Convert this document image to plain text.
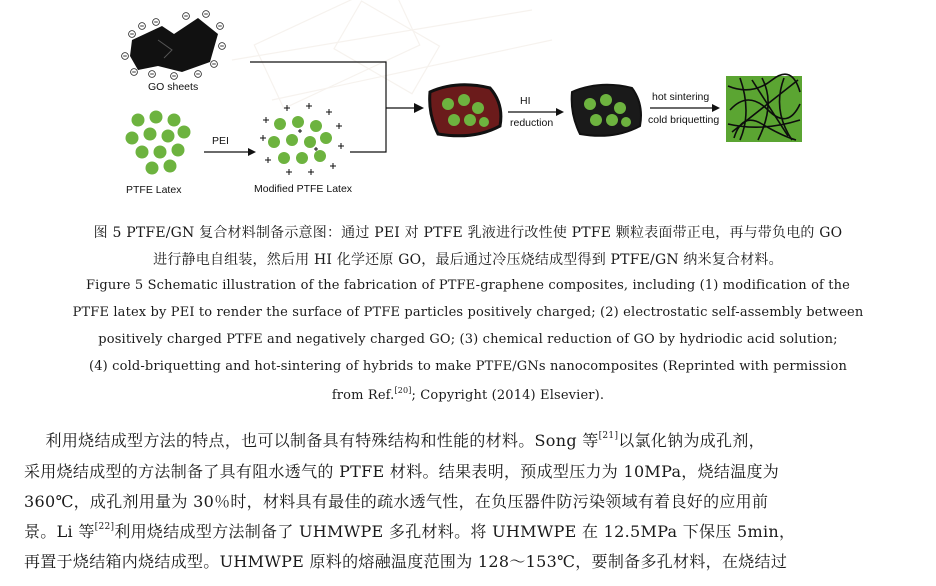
GO sheets
PTFE Latex
PEI
Modified PTFE Latex
HI
reduction
hot sintering
cold briquetting
图 5 PTFE/GN 复合材料制备示意图：通过 PEI 对 PTFE 乳液进行改性使 PTFE 颗粒表面带正电，再与带负电的 GO
进行静电自组装，然后用 HI 化学还原 GO，最后通过冷压烧结成型得到 PTFE/GN 纳米复合材料。
Figure 5 Schematic illustration of the fabrication of PTFE-graphene composites, including (1) modification of the
PTFE latex by PEI to render the surface of PTFE particles positively charged; (2) electrostatic self-assembly between
positively charged PTFE and negatively charged GO; (3) chemical reduction of GO by hydriodic acid solution;
(4) cold-briquetting and hot-sintering of hybrids to make PTFE/GNs nanocomposites (Reprinted with permission
from Ref.[20]; Copyright (2014) Elsevier).
利用烧结成型方法的特点，也可以制备具有特殊结构和性能的材料。Song 等[21]以氯化钠为成孔剂，
采用烧结成型的方法制备了具有阻水透气的 PTFE 材料。结果表明，预成型压力为 10MPa，烧结温度为
360℃，成孔剂用量为 30％时，材料具有最佳的疏水透气性，在负压器件防污染领域有着良好的应用前
景。Li 等[22]利用烧结成型方法制备了 UHMWPE 多孔材料。将 UHMWPE 在 12.5MPa 下保压 5min，
再置于烧结箱内烧结成型。UHMWPE 原料的熔融温度范围为 128～153℃，要制备多孔材料，在烧结过
